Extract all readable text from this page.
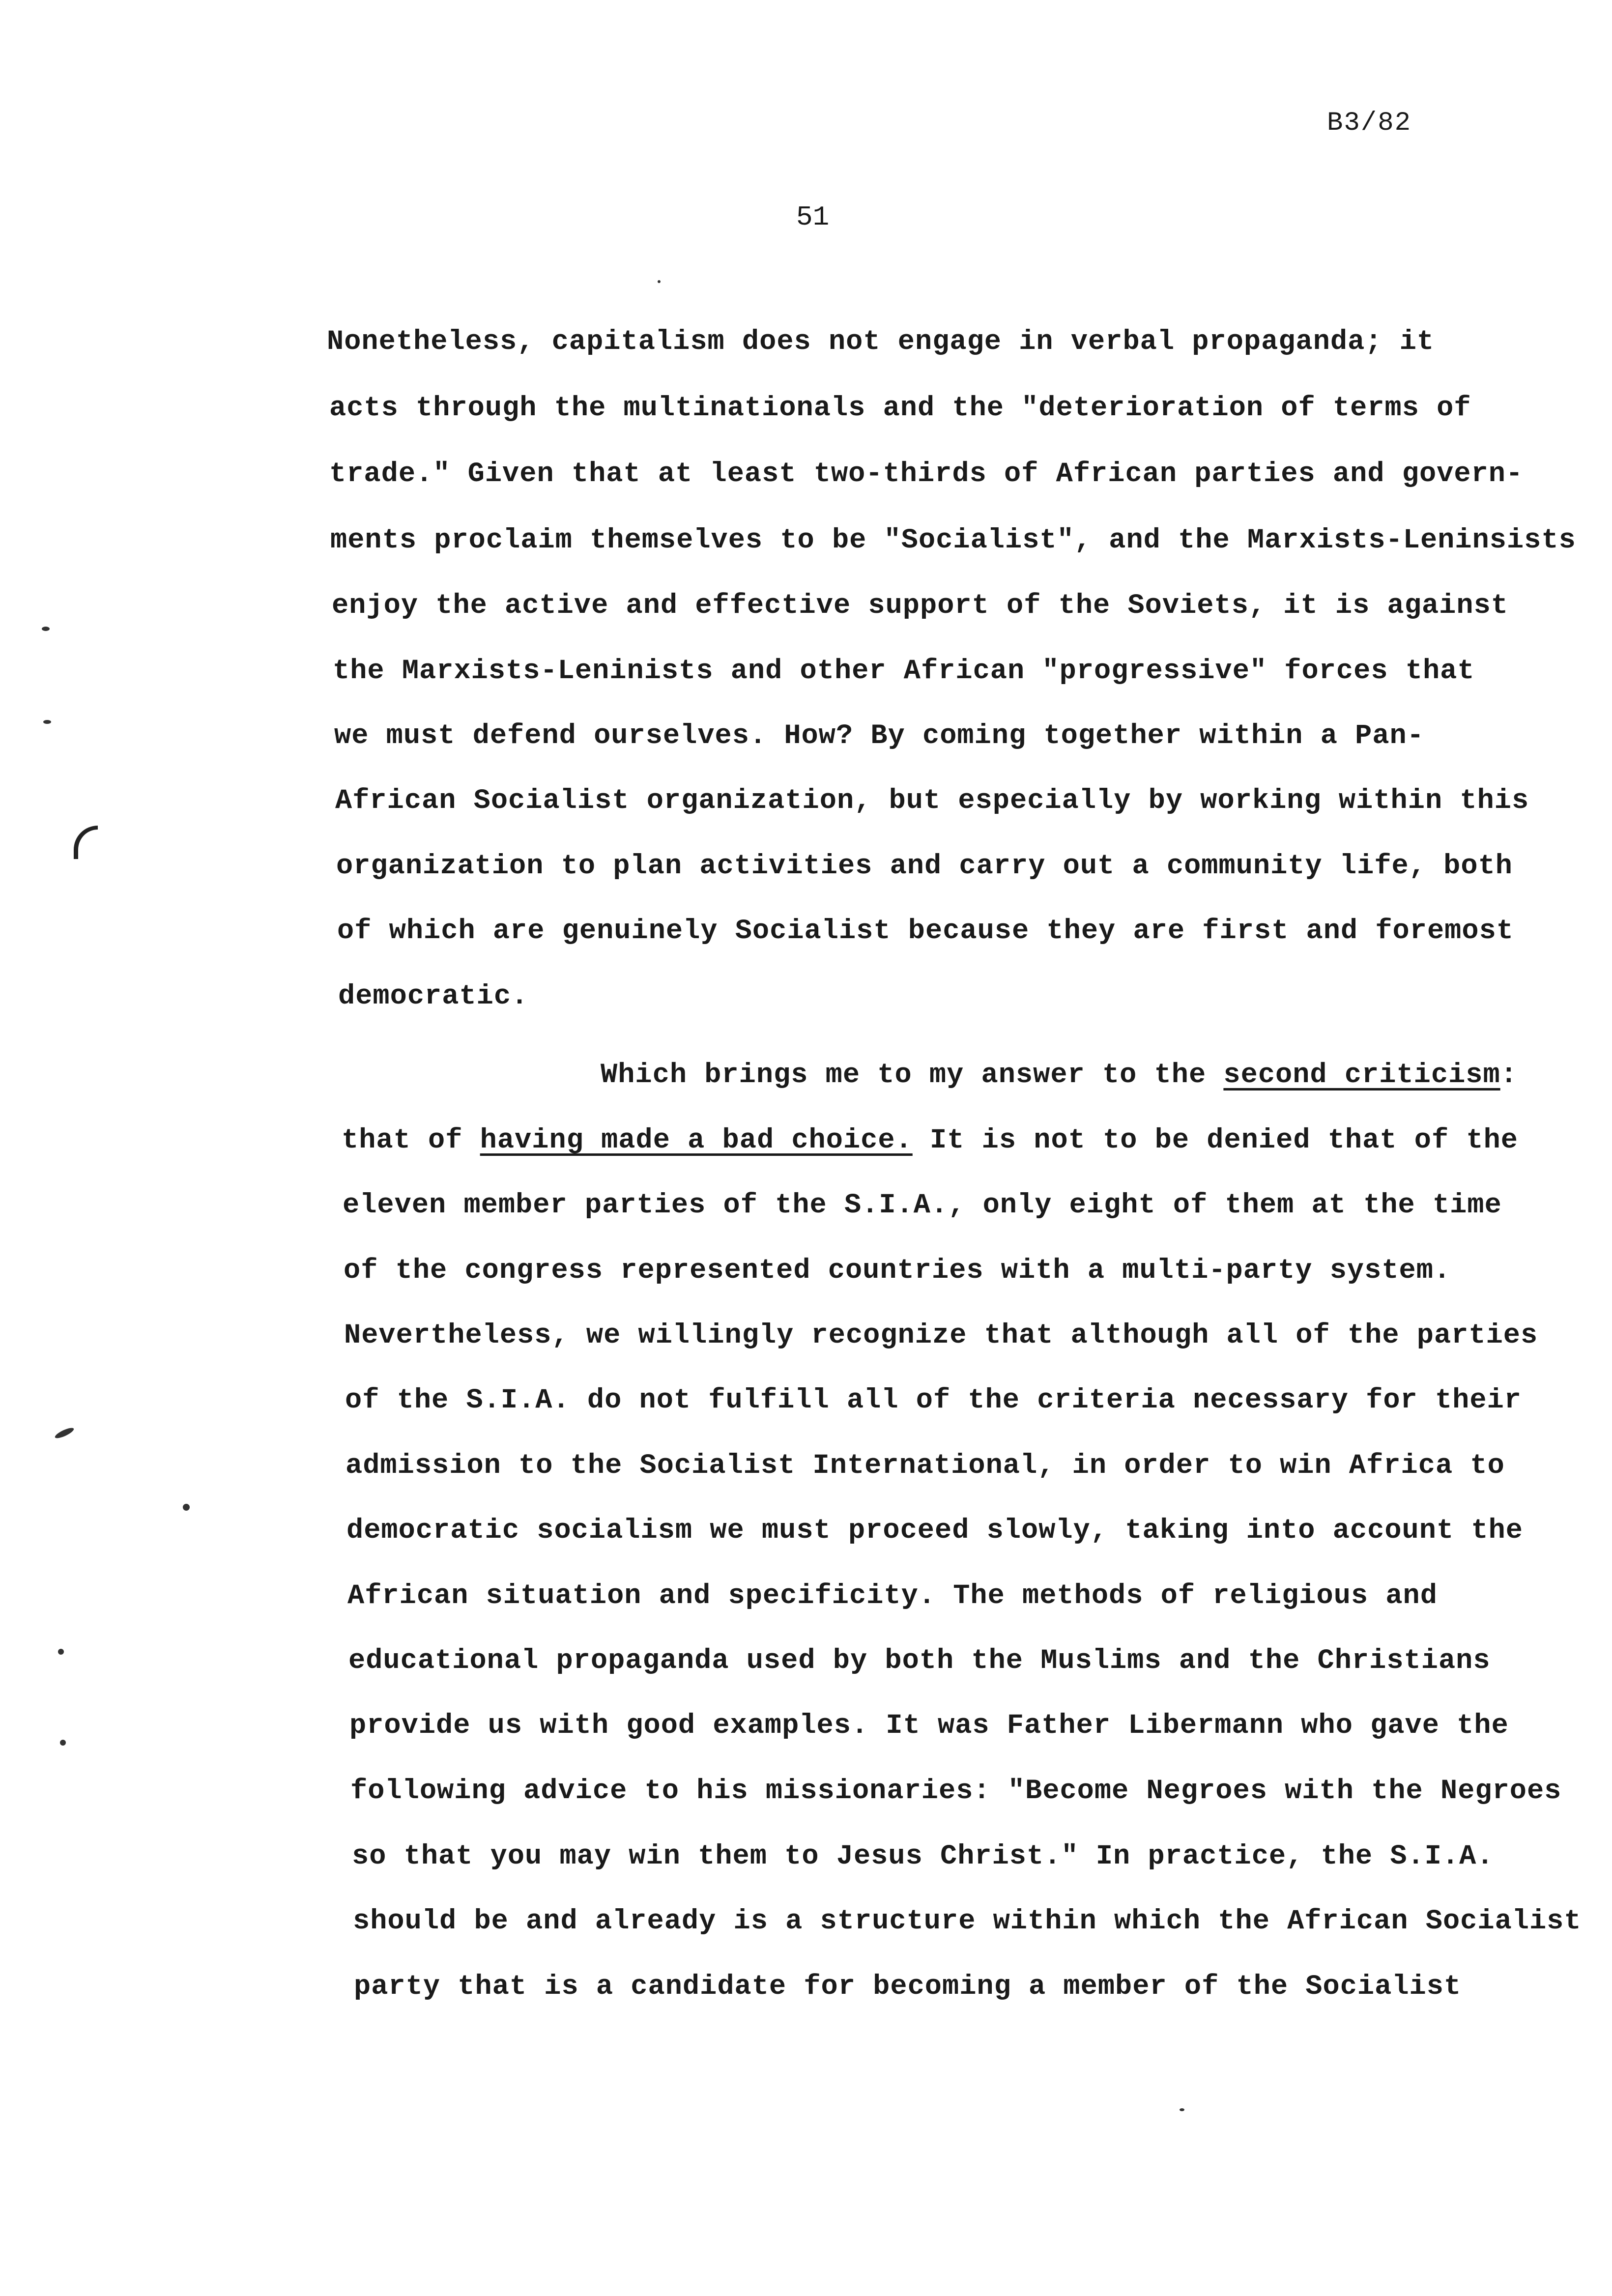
B3/82
51
Nonetheless, capitalism does not engage in verbal propaganda; it
acts through the multinationals and the "deterioration of terms of
trade." Given that at least two-thirds of African parties and govern-
ments proclaim themselves to be "Socialist", and the Marxists-Leninsists
enjoy the active and effective support of the Soviets, it is against
the Marxists-Leninists and other African "progressive" forces that
we must defend ourselves. How? By coming together within a Pan-
African Socialist organization, but especially by working within this
organization to plan activities and carry out a community life, both
of which are genuinely Socialist because they are first and foremost
democratic.
Which brings me to my answer to the second criticism:
that of having made a bad choice. It is not to be denied that of the
eleven member parties of the S.I.A., only eight of them at the time
of the congress represented countries with a multi-party system.
Nevertheless, we willingly recognize that although all of the parties
of the S.I.A. do not fulfill all of the criteria necessary for their
admission to the Socialist International, in order to win Africa to
democratic socialism we must proceed slowly, taking into account the
African situation and specificity. The methods of religious and
educational propaganda used by both the Muslims and the Christians
provide us with good examples. It was Father Libermann who gave the
following advice to his missionaries: "Become Negroes with the Negroes
so that you may win them to Jesus Christ." In practice, the S.I.A.
should be and already is a structure within which the African Socialist
party that is a candidate for becoming a member of the Socialist
